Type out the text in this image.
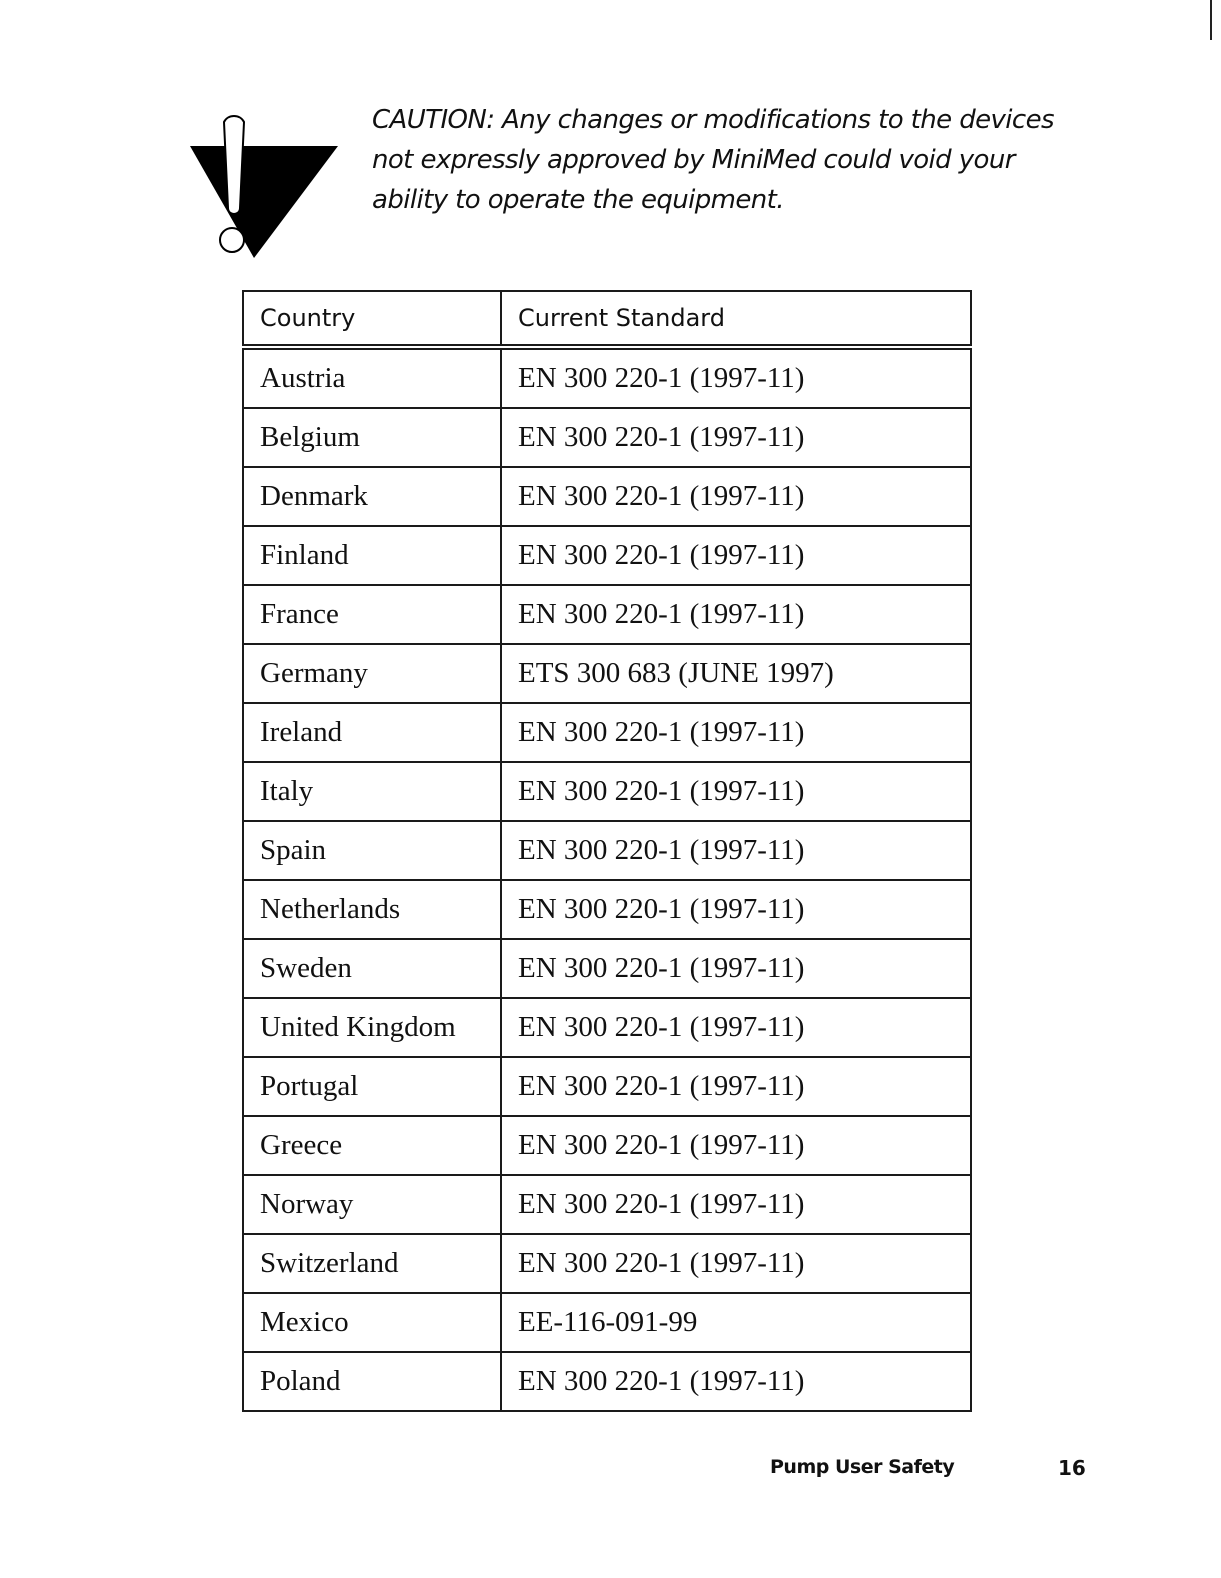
CAUTION: Any changes or modifications to the devices not expressly approved by MiniMed could void your ability to operate the equipment.

Country	Current Standard
Austria	EN 300 220-1 (1997-11)
Belgium	EN 300 220-1 (1997-11)
Denmark	EN 300 220-1 (1997-11)
Finland	EN 300 220-1 (1997-11)
France	EN 300 220-1 (1997-11)
Germany	ETS 300 683 (JUNE 1997)
Ireland	EN 300 220-1 (1997-11)
Italy	EN 300 220-1 (1997-11)
Spain	EN 300 220-1 (1997-11)
Netherlands	EN 300 220-1 (1997-11)
Sweden	EN 300 220-1 (1997-11)
United Kingdom	EN 300 220-1 (1997-11)
Portugal	EN 300 220-1 (1997-11)
Greece	EN 300 220-1 (1997-11)
Norway	EN 300 220-1 (1997-11)
Switzerland	EN 300 220-1 (1997-11)
Mexico	EE-116-091-99
Poland	EN 300 220-1 (1997-11)
Pump User Safety	16
